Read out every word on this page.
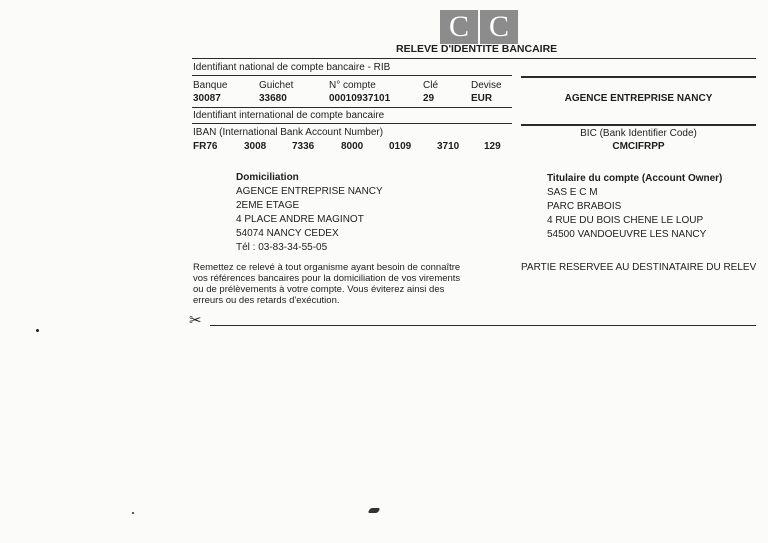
C C
RELEVE D'IDENTITE BANCAIRE
Identifiant national de compte bancaire - RIB
Banque	Guichet	N° compte	Clé	Devise
30087	33680	00010937101	29	EUR	AGENCE ENTREPRISE NANCY
Identifiant international de compte bancaire
IBAN (International Bank Account Number)	BIC (Bank Identifier Code)
FR76	3008	7336	8000	0109	3710 129	CMCIFRPP
Domiciliation
AGENCE ENTREPRISE NANCY
2EME ETAGE
4 PLACE ANDRE MAGINOT
54074 NANCY CEDEX
Tél : 03-83-34-55-05
Titulaire du compte (Account Owner)
SAS E C M
PARC BRABOIS
4 RUE DU BOIS CHENE LE LOUP
54500 VANDOEUVRE LES NANCY
Remettez ce relevé à tout organisme ayant besoin de connaître
vos références bancaires pour la domiciliation de vos virements
ou de prélèvements à votre compte. Vous éviterez ainsi des
erreurs ou des retards d'exécution.
PARTIE RESERVEE AU DESTINATAIRE DU RELEV
✂
